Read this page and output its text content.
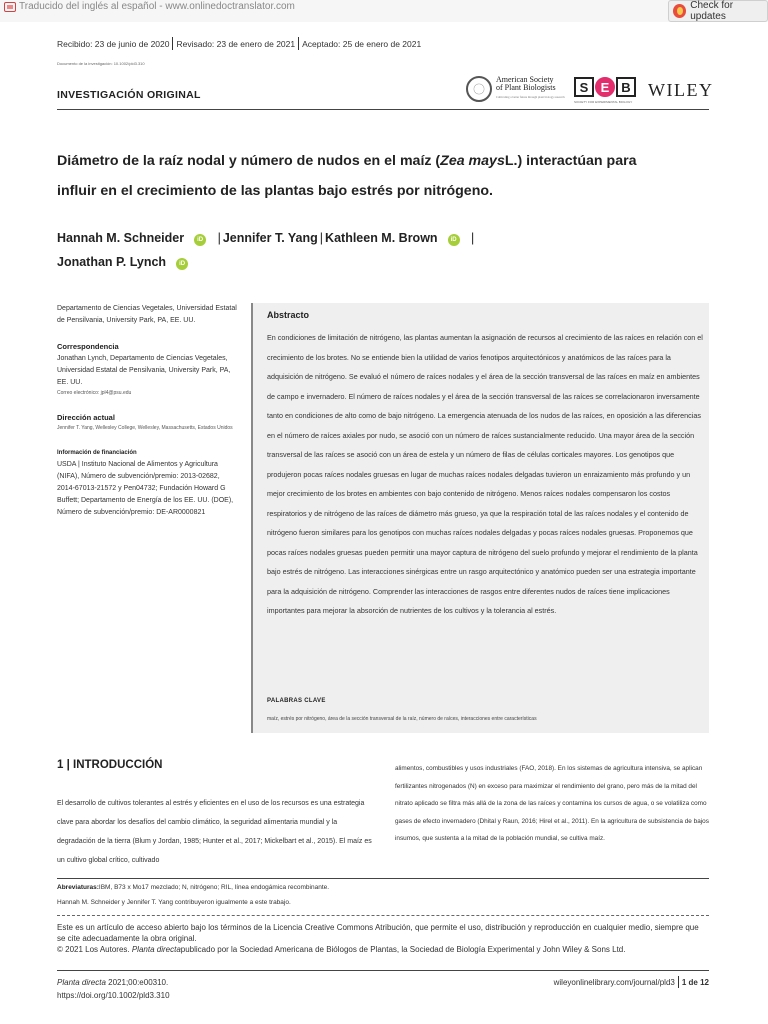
Traducido del inglés al español - www.onlinedoctranslator.com	Check for updates
Recibido: 23 de junio de 2020 Revisado: 23 de enero de 2021 Aceptado: 25 de enero de 2021
Documento de la investigación: 10.1002/pld3.310
INVESTIGACIÓN ORIGINAL
American Society
of Plant Biologists
Cultivating a better future through plant biology research
S E B
SOCIETY FOR EXPERIMENTAL BIOLOGY
WILEY
Diámetro de la raíz nodal y número de nudos en el maíz (Zea maysL.) interactúan para influir en el crecimiento de las plantas bajo estrés por nitrógeno.
Hannah M. Schneider iD | Jennifer T. Yang | Kathleen M. Brown iD |
Jonathan P. Lynch iD
Departamento de Ciencias Vegetales, Universidad Estatal de Pensilvania, University Park, PA, EE. UU.
Correspondencia
Jonathan Lynch, Departamento de Ciencias Vegetales, Universidad Estatal de Pensilvania, University Park, PA, EE. UU.
Correo electrónico: jpl4@psu.edu
Dirección actual
Jennifer T. Yang, Wellesley College, Wellesley, Massachusetts, Estados Unidos
Información de financiación
USDA | Instituto Nacional de Alimentos y Agricultura (NIFA), Número de subvención/premio: 2013-02682, 2014-67013-21572 y Pen04732; Fundación Howard G Buffett; Departamento de Energía de los EE. UU. (DOE), Número de subvención/premio: DE-AR0000821
Abstracto
En condiciones de limitación de nitrógeno, las plantas aumentan la asignación de recursos al crecimiento de las raíces en relación con el crecimiento de los brotes. No se entiende bien la utilidad de varios fenotipos arquitectónicos y anatómicos de las raíces para la adquisición de nitrógeno. Se evaluó el número de raíces nodales y el área de la sección transversal de las raíces en maíz en ambientes de campo e invernadero. El número de raíces nodales y el área de la sección transversal de las raíces se correlacionaron inversamente tanto en condiciones de alto como de bajo nitrógeno. La emergencia atenuada de los nudos de las raíces, en oposición a las diferencias en el número de raíces axiales por nudo, se asoció con un número de raíces sustancialmente reducido. Una mayor área de la sección transversal de las raíces se asoció con un área de estela y un número de filas de células corticales mayores. Los genotipos que produjeron pocas raíces nodales gruesas en lugar de muchas raíces nodales delgadas tuvieron un enraizamiento más profundo y un mejor crecimiento de los brotes en ambientes con bajo contenido de nitrógeno. Menos raíces nodales compensaron los costos respiratorios y de nitrógeno de las raíces de diámetro más grueso, ya que la respiración total de las raíces nodales y el contenido de nitrógeno fueron similares para los genotipos con muchas raíces nodales delgadas y pocas raíces nodales gruesas. Proponemos que pocas raíces nodales gruesas pueden permitir una mayor captura de nitrógeno del suelo profundo y mejorar el rendimiento de la planta bajo estrés de nitrógeno. Las interacciones sinérgicas entre un rasgo arquitectónico y anatómico pueden ser una estrategia importante para la adquisición de nitrógeno. Comprender las interacciones de rasgos entre diferentes nudos de raíces tiene implicaciones importantes para mejorar la absorción de nutrientes de los cultivos y la tolerancia al estrés.
PALABRAS CLAVE
maíz, estrés por nitrógeno, área de la sección transversal de la raíz, número de raíces, interacciones entre características
1 | INTRODUCCIÓN
El desarrollo de cultivos tolerantes al estrés y eficientes en el uso de los recursos es una estrategia clave para abordar los desafíos del cambio climático, la seguridad alimentaria mundial y la degradación de la tierra (Blum y Jordan, 1985; Hunter et al., 2017; Mickelbart et al., 2015). El maíz es un cultivo global crítico, cultivado
alimentos, combustibles y usos industriales (FAO, 2018). En los sistemas de agricultura intensiva, se aplican fertilizantes nitrogenados (N) en exceso para maximizar el rendimiento del grano, pero más de la mitad del nitrato aplicado se filtra más allá de la zona de las raíces y contamina los cursos de agua, o se volatiliza como gases de efecto invernadero (Dhital y Raun, 2016; Hirel et al., 2011). En la agricultura de subsistencia de bajos insumos, que sustenta a la mitad de la población mundial, se cultiva maíz.
Abreviaturas:IBM, B73 x Mo17 mezclado; N, nitrógeno; RIL, línea endogámica recombinante.
Hannah M. Schneider y Jennifer T. Yang contribuyeron igualmente a este trabajo.
Este es un artículo de acceso abierto bajo los términos de la Licencia Creative Commons Atribución, que permite el uso, distribución y reproducción en cualquier medio, siempre que se cite adecuadamente la obra original.
© 2021 Los Autores. Planta directapublicado por la Sociedad Americana de Biólogos de Plantas, la Sociedad de Biología Experimental y John Wiley & Sons Ltd.
Planta directa 2021;00:e00310.
https://doi.org/10.1002/pld3.310
wileyonlinelibrary.com/journal/pld3 1 de 12
